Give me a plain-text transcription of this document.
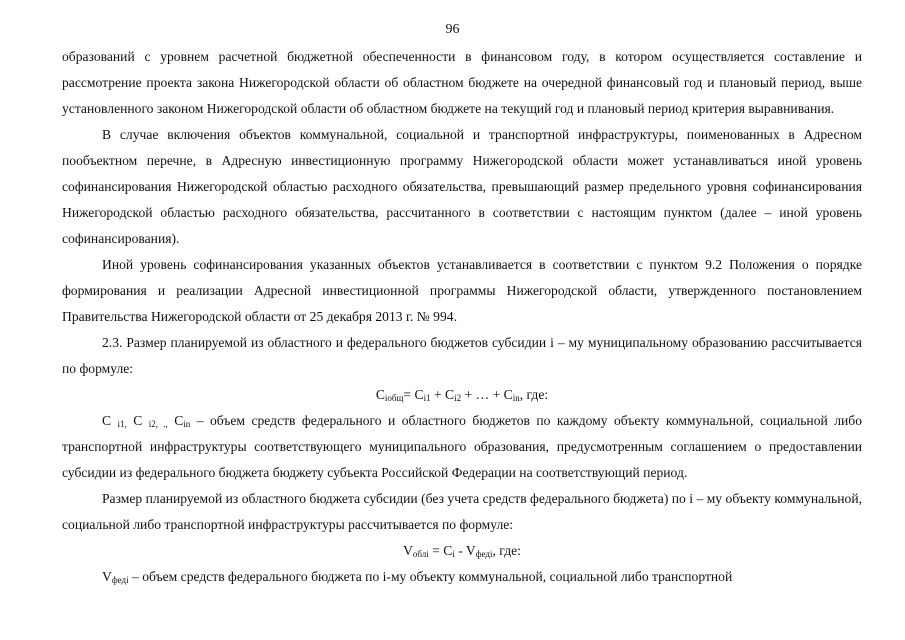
96

образований с уровнем расчетной бюджетной обеспеченности в финансовом году, в котором осуществляется составление и рассмотрение проекта закона Нижегородской области об областном бюджете на очередной финансовый год и плановый период, выше установленного законом Нижегородской области об областном бюджете на текущий год и плановый период критерия выравнивания.

В случае включения объектов коммунальной, социальной и транспортной инфраструктуры, поименованных в Адресном пообъектном перечне, в Адресную инвестиционную программу Нижегородской области может устанавливаться иной уровень софинансирования Нижегородской областью расходного обязательства, превышающий размер предельного уровня софинансирования Нижегородской областью расходного обязательства, рассчитанного в соответствии с настоящим пунктом (далее – иной уровень софинансирования).

Иной уровень софинансирования указанных объектов устанавливается в соответствии с пунктом 9.2 Положения о порядке формирования и реализации Адресной инвестиционной программы Нижегородской области, утвержденного постановлением Правительства Нижегородской области от 25 декабря 2013 г. № 994.

2.3. Размер планируемой из областного и федерального бюджетов субсидии i – му муниципальному образованию рассчитывается по формуле:

$C_{iобщ}= C_{i1} + C_{i2}$ + … + $C_{in}$, где:

C $_{i1,}$ C $_{i2, .,}$ $C_{in}$ – объем средств федерального и областного бюджетов по каждому объекту коммунальной, социальной либо транспортной инфраструктуры соответствующего муниципального образования, предусмотренным соглашением о предоставлении субсидии из федерального бюджета бюджету субъекта Российской Федерации на соответствующий период.

Размер планируемой из областного бюджета субсидии (без учета средств федерального бюджета) по i – му объекту коммунальной, социальной либо транспортной инфраструктуры рассчитывается по формуле:

$V_{облi} = C_i - V_{федi}$, где:

$V_{федi}$ – объем средств федерального бюджета по i-му объекту коммунальной, социальной либо транспортной
